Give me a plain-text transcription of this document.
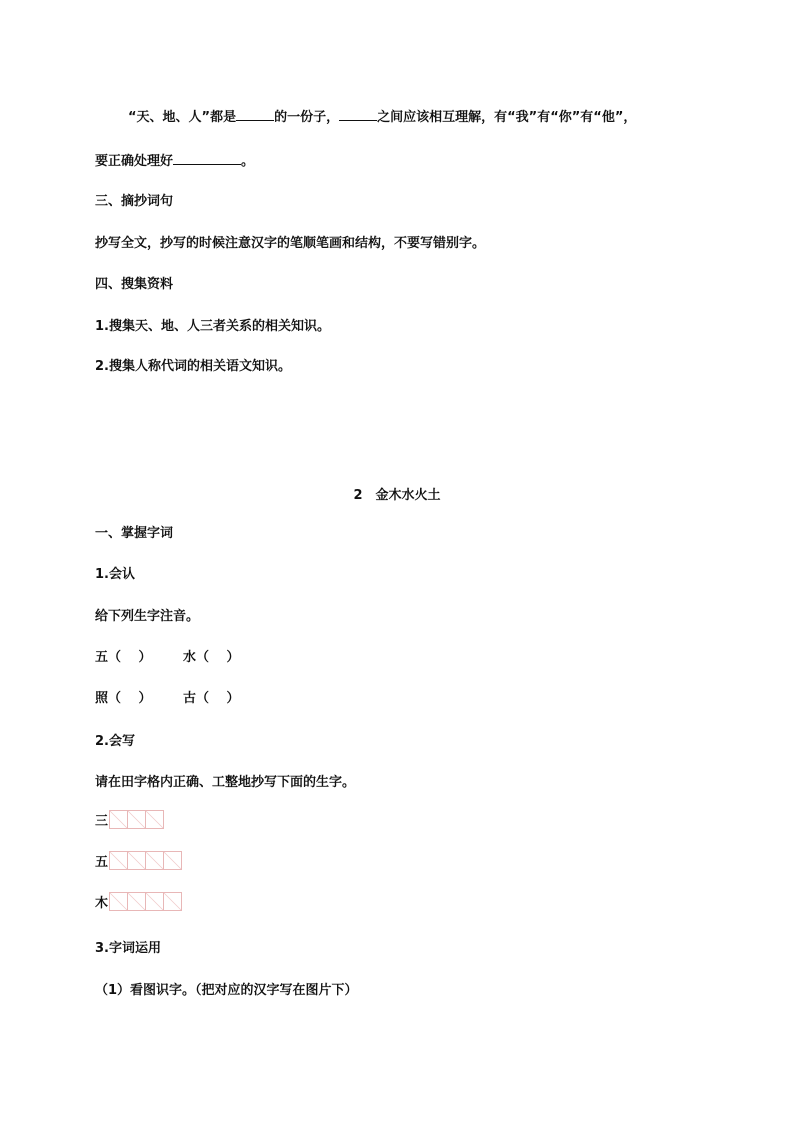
“天、地、人”都是	的一份子，	之间应该相互理解，有“我”有“你”有“他”，
要正确处理好	。
三、摘抄词句
抄写全文，抄写的时候注意汉字的笔顺笔画和结构，不要写错别字。
四、搜集资料
1.搜集天、地、人三者关系的相关知识。
2.搜集人称代词的相关语文知识。
2　金木水火土
一、掌握字词
1.会认
给下列生字注音。
五（　 ） 水（　 ）
照（　 ） 古（　 ）
2.会写
请在田字格内正确、工整地抄写下面的生字。
三
五
木
3.字词运用
（1）看图识字。（把对应的汉字写在图片下）
